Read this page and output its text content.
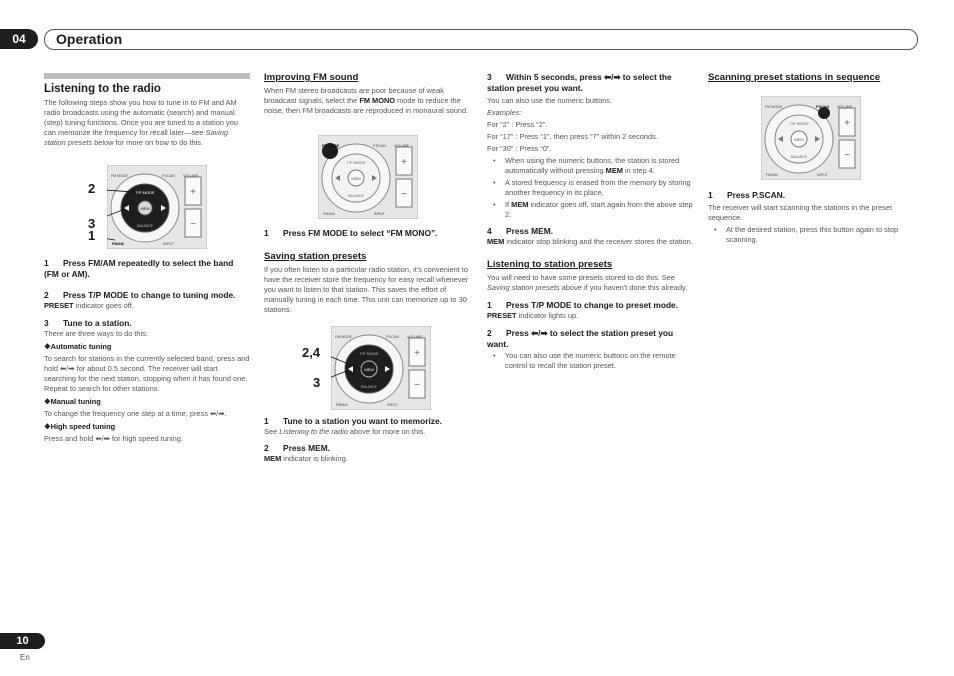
04	Operation

Listening to the radio

The following steps show you how to tune in to FM and AM radio broadcasts using the automatic (search) and manual (step) tuning functions. Once you are tuned to a station you can memorize the frequency for recall later—see Saving station presets below for more on how to do this.

MEM
+
−
FM MODE	P.SCAN VOLUME
FM/AM	INPUT
T/P MODE
BALANCE
2
3
1

1 Press FM/AM repeatedly to select the band (FM or AM).

2 Press T/P MODE to change to tuning mode.

PRESET indicator goes off.

3 Tune to a station.

There are three ways to do this:

❖Automatic tuning

To search for stations in the currently selected band, press and hold ⬅/➡ for about 0.5 second. The receiver will start searching for the next station, stopping when it has found one. Repeat to search for other stations.

❖Manual tuning

To change the frequency one step at a time, press ⬅/➡.

❖High speed tuning

Press and hold ⬅/➡ for high speed tuning.

Improving FM sound

When FM stereo broadcasts are poor because of weak broadcast signals, select the FM MONO mode to reduce the noise, then FM broadcasts are reproduced in monaural sound.

MEM
+
−
FM MODE	P.SCAN VOLUME
FM/AM	INPUT
T/P MODE
BALANCE

1 Press FM MODE to select “FM MONO”.

Saving station presets

If you often listen to a particular radio station, it's convenient to have the receiver store the frequency for easy recall whenever you want to listen to that station. This saves the effort of manually tuning in each time. This unit can memorize up to 30 stations.

MEM
+
−
FM MODE	P.SCAN VOLUME
FM/AM	INPUT
T/P MODE
BALANCE
2,4
3

1 Tune to a station you want to memorize.

See Listening to the radio above for more on this.

2 Press MEM.

MEM indicator is blinking.

3 Within 5 seconds, press ⬅/➡ to select the station preset you want.

You can also use the numeric buttons.

Examples:

For “2” : Press “2”.

For “17” : Press “1”, then press “7” within 2 seconds.

For “30” : Press “0”.

• When using the numeric buttons, the station is stored automatically without pressing MEM in step 4.

• A stored frequency is erased from the memory by storing another frequency in its place.

• If MEM indicator goes off, start again from the above step 2.

4 Press MEM.

MEM indicator stop blinking and the receiver stores the station.

Listening to station presets

You will need to have some presets stored to do this. See Saving station presets above if you haven't done this already.

1 Press T/P MODE to change to preset mode.

PRESET indicator lights up.

2 Press ⬅/➡ to select the station preset you want.

• You can also use the numeric buttons on the remote control to recall the station preset.

Scanning preset stations in sequence

MEM
+
−
FM MODE	P.SCAN VOLUME
FM/AM	INPUT
T/P MODE
BALANCE

1 Press P.SCAN.

The receiver will start scanning the stations in the preset sequence.

• At the desired station, press this button again to stop scanning.

10
En
